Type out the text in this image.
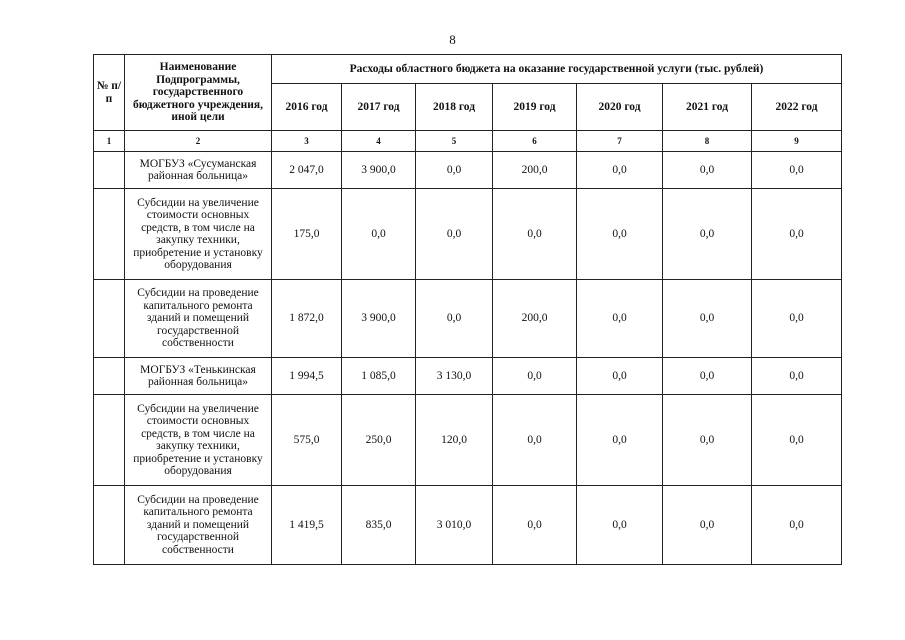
8
№ п/п	Наименование Подпрограммы, государственного бюджетного учреждения, иной цели	Расходы областного бюджета на оказание государственной услуги (тыс. рублей)						
		2016 год	2017 год	2018 год	2019 год	2020 год	2021 год	2022 год
1	2	3	4	5	6	7	8	9
	МОГБУЗ «Сусуманская районная больница»	2 047,0	3 900,0	0,0	200,0	0,0	0,0	0,0
	Субсидии на увеличение стоимости основных средств, в том числе на закупку техники, приобретение и установку оборудования	175,0	0,0	0,0	0,0	0,0	0,0	0,0
	Субсидии на проведение капитального ремонта зданий и помещений государственной собственности	1 872,0	3 900,0	0,0	200,0	0,0	0,0	0,0
	МОГБУЗ «Тенькинская районная больница»	1 994,5	1 085,0	3 130,0	0,0	0,0	0,0	0,0
	Субсидии на увеличение стоимости основных средств, в том числе на закупку техники, приобретение и установку оборудования	575,0	250,0	120,0	0,0	0,0	0,0	0,0
	Субсидии на проведение капитального ремонта зданий и помещений государственной собственности	1 419,5	835,0	3 010,0	0,0	0,0	0,0	0,0
